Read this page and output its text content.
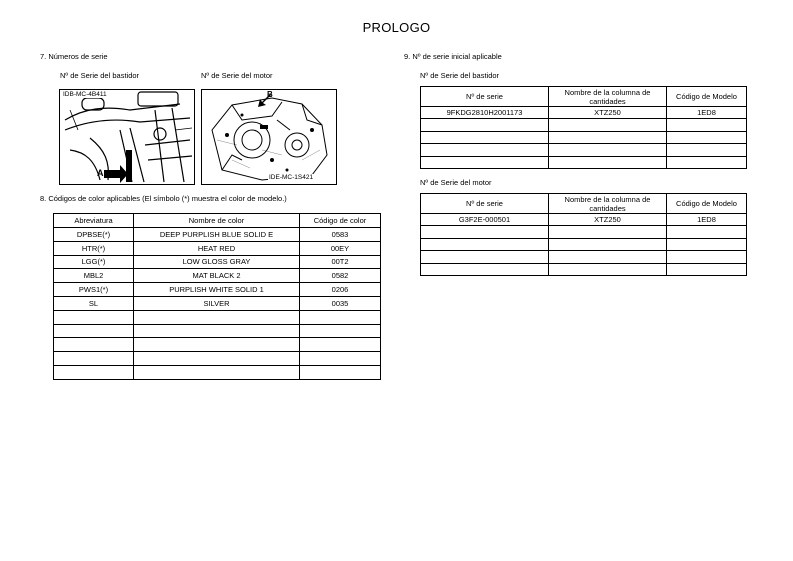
PROLOGO
7. Números de serie
Nº de Serie del bastidor	Nº de Serie del motor
IDB-MC-4B411
A
B
IDE-MC-1S421
8. Códigos de color aplicables (El símbolo (*) muestra el color de modelo.)
Abreviatura	Nombre de color	Código de color
DPBSE(*)	DEEP PURPLISH BLUE SOLID E	0583
HTR(*)	HEAT RED	00EY
LGG(*)	LOW GLOSS GRAY	00T2
MBL2	MAT BLACK 2	0582
PWS1(*)	PURPLISH WHITE SOLID 1	0206
SL	SILVER	0035

9. Nº de serie inicial aplicable
Nº de Serie del bastidor
Nº de serie	Nombre de la columna de cantidades	Código de Modelo
9FKDG2810H2001173	XTZ250	1ED8

Nº de Serie del motor
Nº de serie	Nombre de la columna de cantidades	Código de Modelo
G3F2E-000501	XTZ250	1ED8
